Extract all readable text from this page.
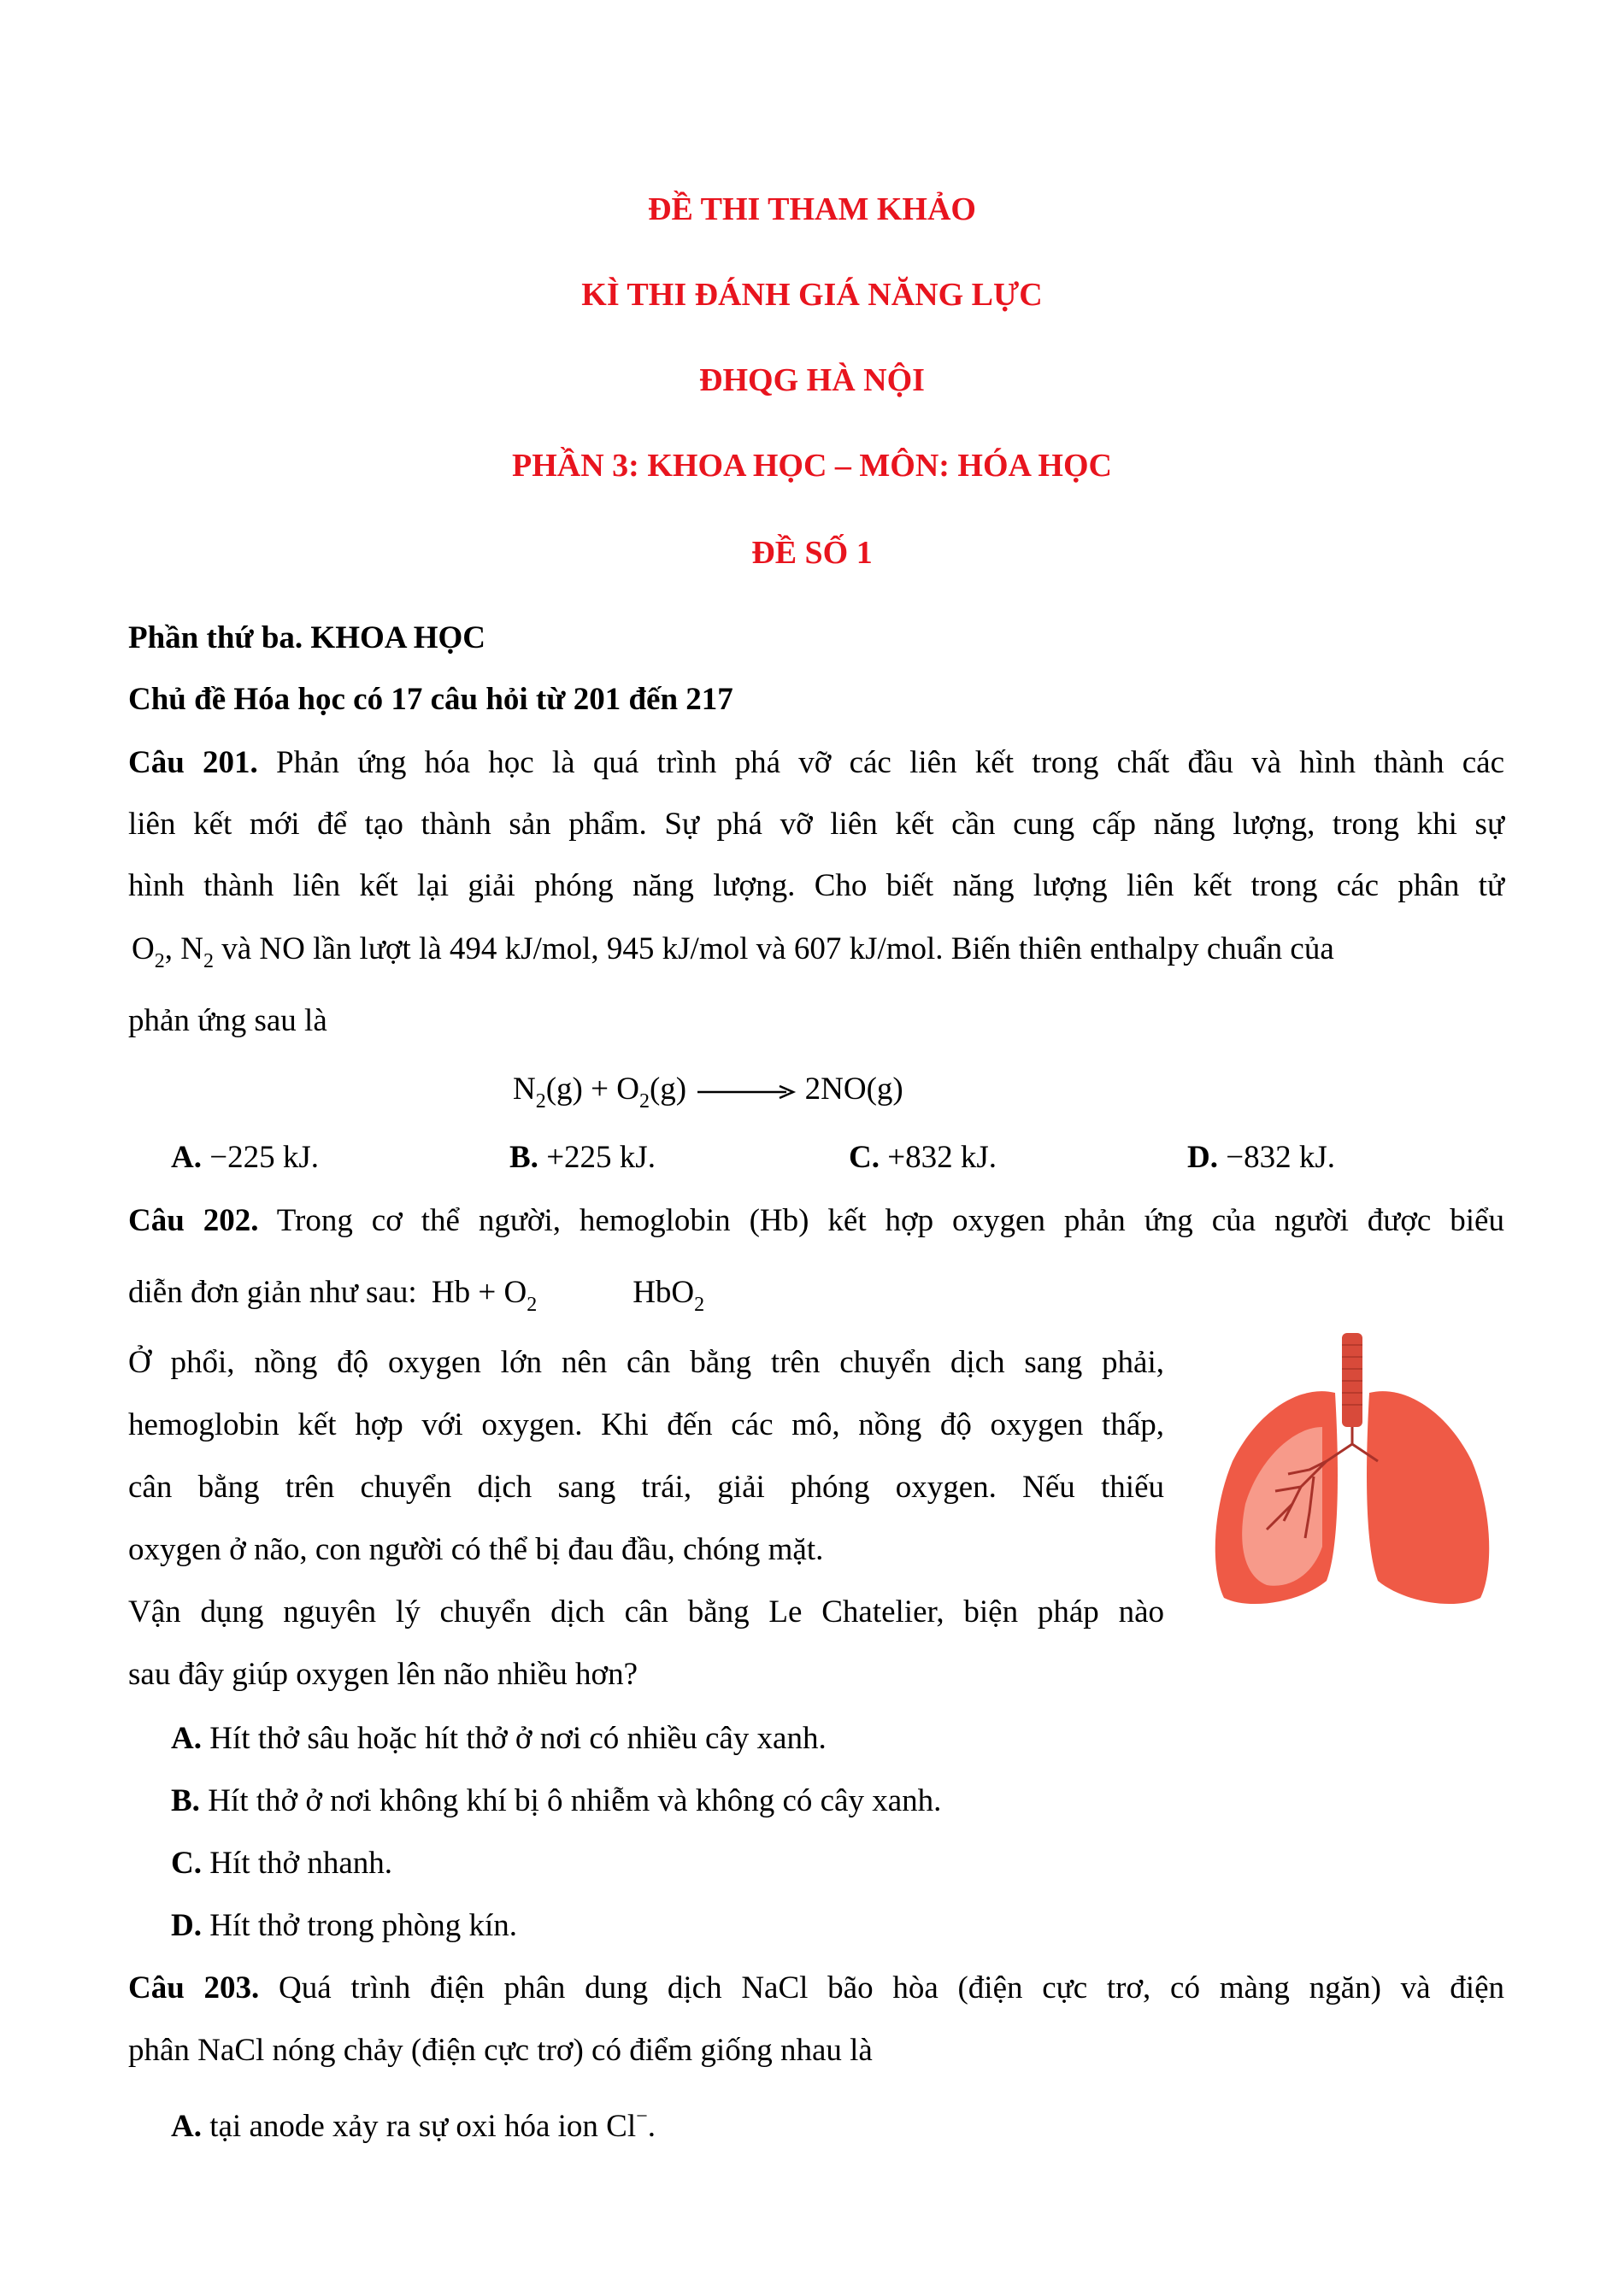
ĐỀ THI THAM KHẢO
KÌ THI ĐÁNH GIÁ NĂNG LỰC
ĐHQG HÀ NỘI
PHẦN 3: KHOA HỌC – MÔN: HÓA HỌC
ĐỀ SỐ 1
Phần thứ ba. KHOA HỌC
Chủ đề Hóa học có 17 câu hỏi từ 201 đến 217
Câu 201. Phản ứng hóa học là quá trình phá vỡ các liên kết trong chất đầu và hình thành các
liên kết mới để tạo thành sản phẩm. Sự phá vỡ liên kết cần cung cấp năng lượng, trong khi sự
hình thành liên kết lại giải phóng năng lượng. Cho biết năng lượng liên kết trong các phân tử
$O_2$, $N_2$ và NO lần lượt là 494 kJ/mol, 945 kJ/mol và 607 kJ/mol. Biến thiên enthalpy chuẩn của
phản ứng sau là
$N_2(g) + O_2(g) \to 2NO(g)$
A. −225 kJ.	B. +225 kJ.	C. +832 kJ.	D. −832 kJ.
Câu 202. Trong cơ thể người, hemoglobin (Hb) kết hợp oxygen phản ứng của người được biểu
diễn đơn giản như sau: $Hb + O_2$	HbO$_2$
Ở phổi, nồng độ oxygen lớn nên cân bằng trên chuyển dịch sang phải,
hemoglobin kết hợp với oxygen. Khi đến các mô, nồng độ oxygen thấp,
cân bằng trên chuyển dịch sang trái, giải phóng oxygen. Nếu thiếu
oxygen ở não, con người có thể bị đau đầu, chóng mặt.
Vận dụng nguyên lý chuyển dịch cân bằng Le Chatelier, biện pháp nào
sau đây giúp oxygen lên não nhiều hơn?
A. Hít thở sâu hoặc hít thở ở nơi có nhiều cây xanh.
B. Hít thở ở nơi không khí bị ô nhiễm và không có cây xanh.
C. Hít thở nhanh.
D. Hít thở trong phòng kín.
Câu 203. Quá trình điện phân dung dịch NaCl bão hòa (điện cực trơ, có màng ngăn) và điện
phân NaCl nóng chảy (điện cực trơ) có điểm giống nhau là
A. tại anode xảy ra sự oxi hóa ion Cl−.
